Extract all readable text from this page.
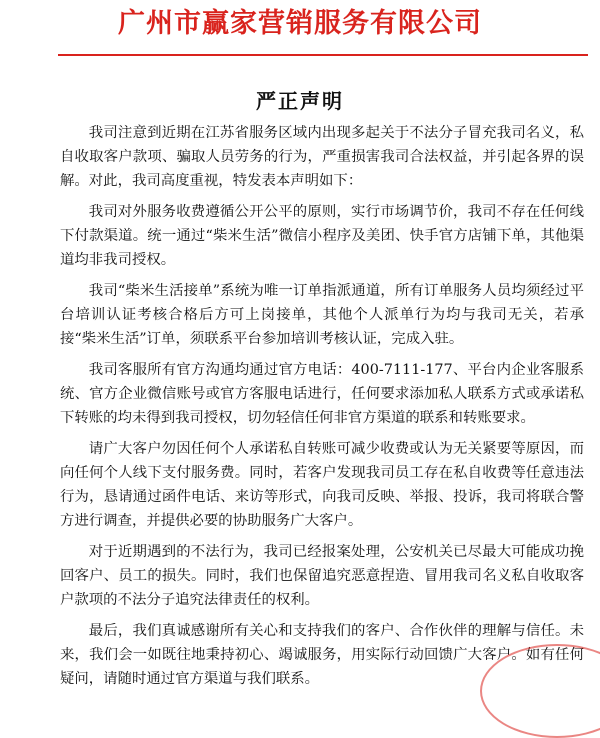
广州市赢家营销服务有限公司
严正声明

我司注意到近期在江苏省服务区域内出现多起关于不法分子冒充我司名义，私自收取客户款项、骗取人员劳务的行为，严重损害我司合法权益，并引起各界的误解。对此，我司高度重视，特发表本声明如下：

我司对外服务收费遵循公开公平的原则，实行市场调节价，我司不存在任何线下付款渠道。统一通过“柴米生活”微信小程序及美团、快手官方店铺下单，其他渠道均非我司授权。

我司“柴米生活接单”系统为唯一订单指派通道，所有订单服务人员均须经过平台培训认证考核合格后方可上岗接单，其他个人派单行为均与我司无关，若承接“柴米生活”订单，须联系平台参加培训考核认证，完成入驻。

我司客服所有官方沟通均通过官方电话：400-7111-177、平台内企业客服系统、官方企业微信账号或官方客服电话进行，任何要求添加私人联系方式或承诺私下转账的均未得到我司授权，切勿轻信任何非官方渠道的联系和转账要求。

请广大客户勿因任何个人承诺私自转账可减少收费或认为无关紧要等原因，而向任何个人线下支付服务费。同时，若客户发现我司员工存在私自收费等任意违法行为，恳请通过函件电话、来访等形式，向我司反映、举报、投诉，我司将联合警方进行调查，并提供必要的协助服务广大客户。

对于近期遇到的不法行为，我司已经报案处理，公安机关已尽最大可能成功挽回客户、员工的损失。同时，我们也保留追究恶意捏造、冒用我司名义私自收取客户款项的不法分子追究法律责任的权利。

最后，我们真诚感谢所有关心和支持我们的客户、合作伙伴的理解与信任。未来，我们会一如既往地秉持初心、竭诚服务，用实际行动回馈广大客户。如有任何疑问，请随时通过官方渠道与我们联系。
